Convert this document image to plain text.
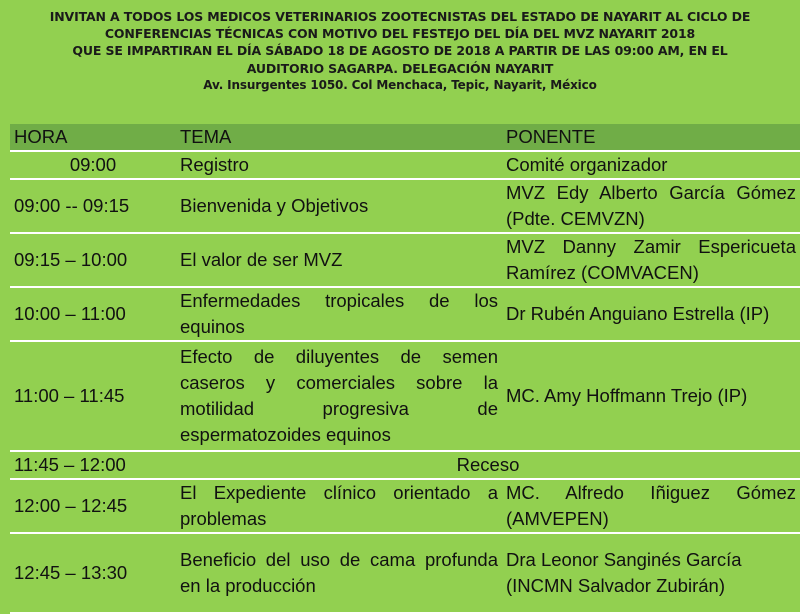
INVITAN A TODOS LOS MEDICOS VETERINARIOS ZOOTECNISTAS DEL ESTADO DE NAYARIT AL CICLO DE
CONFERENCIAS TÉCNICAS CON MOTIVO DEL FESTEJO DEL DÍA DEL MVZ NAYARIT 2018
QUE SE IMPARTIRAN EL DÍA SÁBADO 18 DE AGOSTO DE 2018 A PARTIR DE LAS 09:00 AM, EN EL
AUDITORIO SAGARPA. DELEGACIÓN NAYARIT
Av. Insurgentes 1050. Col Menchaca, Tepic, Nayarit, México
HORA	TEMA	PONENTE
09:00	Registro	Comité organizador
09:00 -- 09:15	Bienvenida y Objetivos	MVZ Edy Alberto García Gómez (Pdte. CEMVZN)
09:15 – 10:00	El valor de ser MVZ	MVZ Danny Zamir Espericueta Ramírez (COMVACEN)
10:00 – 11:00	Enfermedades tropicales de los equinos	Dr Rubén Anguiano Estrella (IP)
11:00 – 11:45	Efecto de diluyentes de semen caseros y comerciales sobre la motilidad progresiva de espermatozoides equinos	MC. Amy Hoffmann Trejo (IP)
11:45 – 12:00	Receso	
12:00 – 12:45	El Expediente clínico orientado a problemas	MC. Alfredo Iñiguez Gómez (AMVEPEN)
12:45 – 13:30	Beneficio del uso de cama profunda en la producción	Dra Leonor Sanginés García (INCMN Salvador Zubirán)
